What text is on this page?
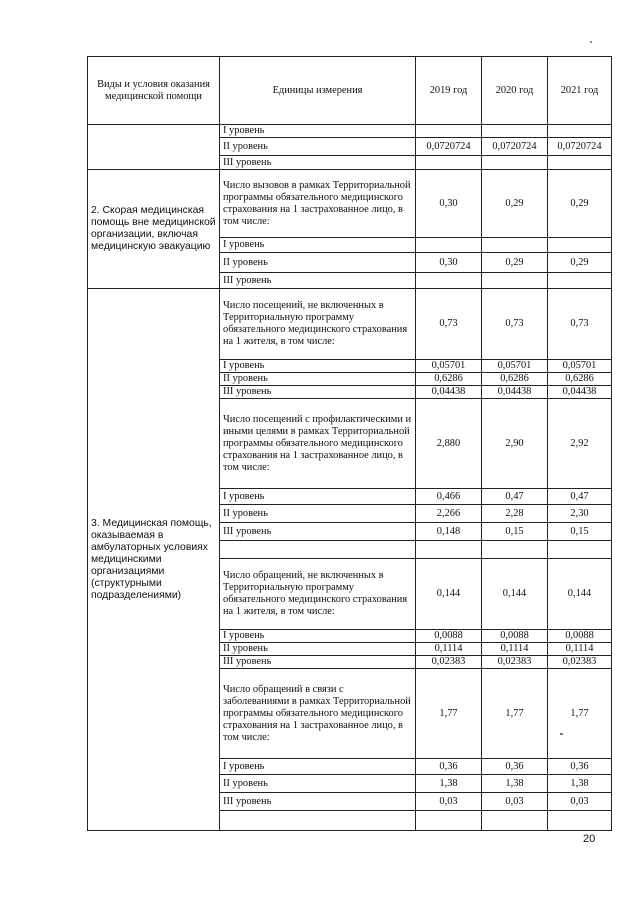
Виды и условия оказания медицинской помощи	Единицы измерения	2019 год	2020 год	2021 год
	I уровень			
	II уровень	0,0720724	0,0720724	0,0720724
	III уровень			
2. Скорая медицинская помощь вне медицинской организации, включая медицинскую эвакуацию	Число вызовов в рамках Территориальной программы обязательного медицинского страхования на 1 застрахованное лицо, в том числе:	0,30	0,29	0,29
	I уровень			
	II уровень	0,30	0,29	0,29
	III уровень			
3. Медицинская помощь, оказываемая в амбулаторных условиях медицинскими организациями (структурными подразделениями)	Число посещений, не включенных в Территориальную программу обязательного медицинского страхования на 1 жителя, в том числе:	0,73	0,73	0,73
	I уровень	0,05701	0,05701	0,05701
	II уровень	0,6286	0,6286	0,6286
	III уровень	0,04438	0,04438	0,04438
	Число посещений с профилактическими и иными целями в рамках Территориальной программы обязательного медицинского страхования на 1 застрахованное лицо, в том числе:	2,880	2,90	2,92
	I уровень	0,466	0,47	0,47
	II уровень	2,266	2,28	2,30
	III уровень	0,148	0,15	0,15

	Число обращений, не включенных в Территориальную программу обязательного медицинского страхования на 1 жителя, в том числе:	0,144	0,144	0,144
	I уровень	0,0088	0,0088	0,0088
	II уровень	0,1114	0,1114	0,1114
	III уровень	0,02383	0,02383	0,02383
	Число обращений в связи с заболеваниями в рамках Территориальной программы обязательного медицинского страхования на 1 застрахованное лицо, в том числе:	1,77	1,77	1,77
	I уровень	0,36	0,36	0,36
	II уровень	1,38	1,38	1,38
	III уровень	0,03	0,03	0,03

20
